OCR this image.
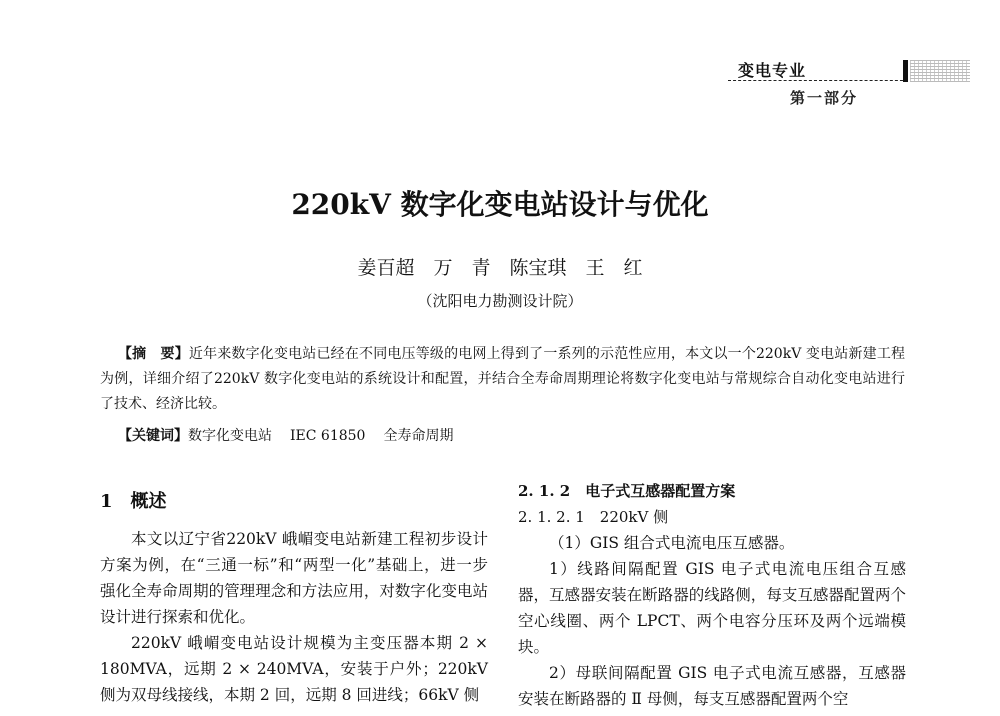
变电专业
第一部分
220kV 数字化变电站设计与优化
姜百超　万　青　陈宝琪　王　红
（沈阳电力勘测设计院）
【摘　要】近年来数字化变电站已经在不同电压等级的电网上得到了一系列的示范性应用，本文以一个220kV 变电站新建工程为例，详细介绍了220kV 数字化变电站的系统设计和配置，并结合全寿命周期理论将数字化变电站与常规综合自动化变电站进行了技术、经济比较。
【关键词】数字化变电站 IEC 61850 全寿命周期
1　概述

本文以辽宁省220kV 峨嵋变电站新建工程初步设计方案为例，在“三通一标”和“两型一化”基础上，进一步强化全寿命周期的管理理念和方法应用，对数字化变电站设计进行探索和优化。

220kV 峨嵋变电站设计规模为主变压器本期 2 × 180MVA，远期 2 × 240MVA，安装于户外；220kV 侧为双母线接线，本期 2 回，远期 8 回进线；66kV 侧

2. 1. 2　电子式互感器配置方案

2. 1. 2. 1　220kV 侧

（1）GIS 组合式电流电压互感器。

1）线路间隔配置 GIS 电子式电流电压组合互感器，互感器安装在断路器的线路侧，每支互感器配置两个空心线圈、两个 LPCT、两个电容分压环及两个远端模块。

2）母联间隔配置 GIS 电子式电流互感器，互感器安装在断路器的 Ⅱ 母侧，每支互感器配置两个空
